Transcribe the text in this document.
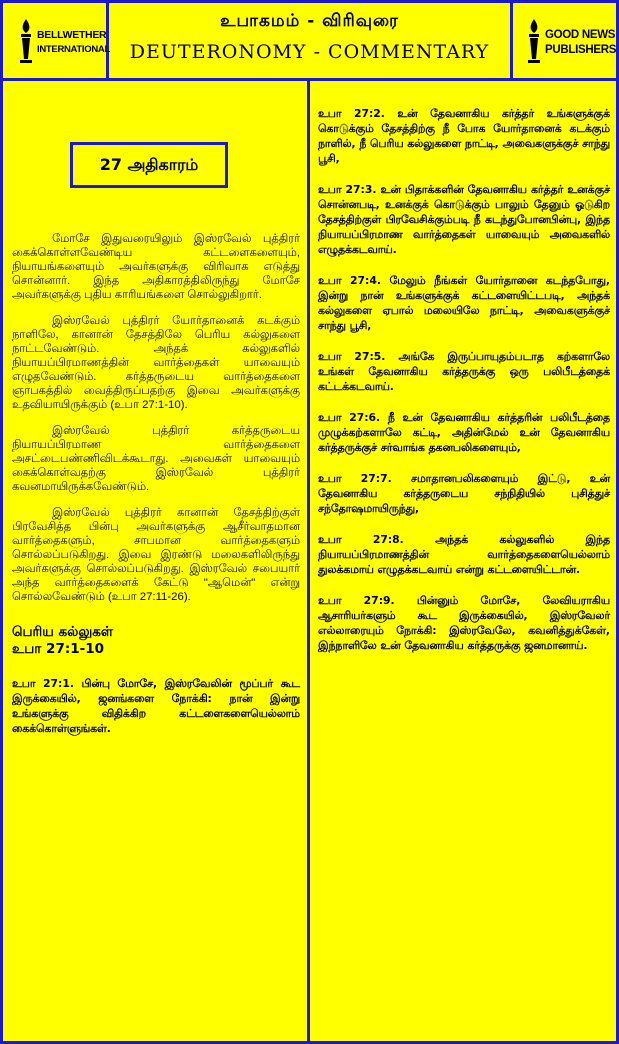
BELLWETHER
INTERNATIONAL
உபாகமம் - விரிவுரை
DEUTERONOMY - COMMENTARY
GOOD NEWS
PUBLISHERS
27 அதிகாரம்

மோசே இதுவரையிலும் இஸ்ரவேல் புத்திரர் கைக்கொள்ளவேண்டிய கட்டளைகளையும், நியாயங்களையும் அவர்களுக்கு விரிவாக எடுத்து சொன்னார். இந்த அதிகாரத்திலிருந்து மோசே அவர்களுக்கு புதிய காரியங்களை சொல்லுகிறார்.

இஸ்ரவேல் புத்திரர் யோர்தானைக் கடக்கும் நாளிலே, கானான் தேசத்திலே பெரிய கல்லுகளை நாட்டவேண்டும். அந்தக் கல்லுகளில் நியாயப்பிரமாணத்தின் வார்த்தைகள் யாவையும் எழுதவேண்டும். கர்த்தருடைய வார்த்தைகளை ஞாபகத்தில் வைத்திருப்பதற்கு இவை அவர்களுக்கு உதவியாயிருக்கும் (உபா 27:1-10).

இஸ்ரவேல் புத்திரர் கர்த்தருடைய நியாயப்பிரமாண வார்த்தைகளை அசட்டைபண்ணிவிடக்கூடாது. அவைகள் யாவையும் கைக்கொள்வதற்கு இஸ்ரவேல் புத்திரர் கவனமாயிருக்கவேண்டும்.

இஸ்ரவேல் புத்திரர் கானான் தேசத்திற்குள் பிரவேசித்த பின்பு அவர்களுக்கு ஆசீர்வாதமான வார்த்தைகளும், சாபமான வார்த்தைகளும் சொல்லப்படுகிறது. இவை இரண்டு மலைகளிலிருந்து அவர்களுக்கு சொல்லப்படுகிறது. இஸ்ரவேல் சபையார் அந்த வார்த்தைகளைக் கேட்டு "ஆமென்" என்று சொல்லவேண்டும் (உபா 27:11-26).

பெரிய கல்லுகள்
உபா 27:1-10

உபா 27:1. பின்பு மோசே, இஸ்ரவேலின் மூப்பர் கூட இருக்கையில், ஜனங்களை நோக்கி: நான் இன்று உங்களுக்கு விதிக்கிற கட்டளைகளையெல்லாம் கைக்கொள்ளுங்கள்.

உபா 27:2. உன் தேவனாகிய கர்த்தர் உங்களுக்குக் கொடுக்கும் தேசத்திற்கு நீ போக யோர்தானைக் கடக்கும் நாளில், நீ பெரிய கல்லுகளை நாட்டி, அவைகளுக்குச் சாந்து பூசி,

உபா 27:3. உன் பிதாக்களின் தேவனாகிய கர்த்தர் உனக்குச் சொன்னபடி, உனக்குக் கொடுக்கும் பாலும் தேனும் ஓடுகிற தேசத்திற்குள் பிரவேசிக்கும்படி நீ கடந்துபோனபின்பு, இந்த நியாயப்பிரமாண வார்த்தைகள் யாவையும் அவைகளில் எழுதக்கடவாய்.

உபா 27:4. மேலும் நீங்கள் யோர்தானை கடந்தபோது, இன்று நான் உங்களுக்குக் கட்டளையிட்டபடி, அந்தக் கல்லுகளை ஏபால் மலையிலே நாட்டி, அவைகளுக்குச் சாந்து பூசி,

உபா 27:5. அங்கே இருப்பாயுதம்படாத கற்களாலே உங்கள் தேவனாகிய கர்த்தருக்கு ஒரு பலிபீடத்தைக் கட்டக்கடவாய்.

உபா 27:6. நீ உன் தேவனாகிய கர்த்தரின் பலிபீடத்தை முழுக்கற்களாலே கட்டி, அதின்மேல் உன் தேவனாகிய கர்த்தருக்குச் சர்வாங்க தகனபலிகளையும்,

உபா 27:7. சமாதானபலிகளையும் இட்டு, உன் தேவனாகிய கர்த்தருடைய சந்நிதியில் புசித்துச் சந்தோஷமாயிருந்து,

உபா 27:8. அந்தக் கல்லுகளில் இந்த நியாயப்பிரமாணத்தின் வார்த்தைகளையெல்லாம் துலக்கமாய் எழுதக்கடவாய் என்று கட்டளையிட்டான்.

உபா 27:9. பின்னும் மோசே, லேவியராகிய ஆசாரியர்களும் கூட இருக்கையில், இஸ்ரவேலர் எல்லாரையும் நோக்கி: இஸ்ரவேலே, கவனித்துக்கேள், இந்நாளிலே உன் தேவனாகிய கர்த்தருக்கு ஜனமானாய்.
